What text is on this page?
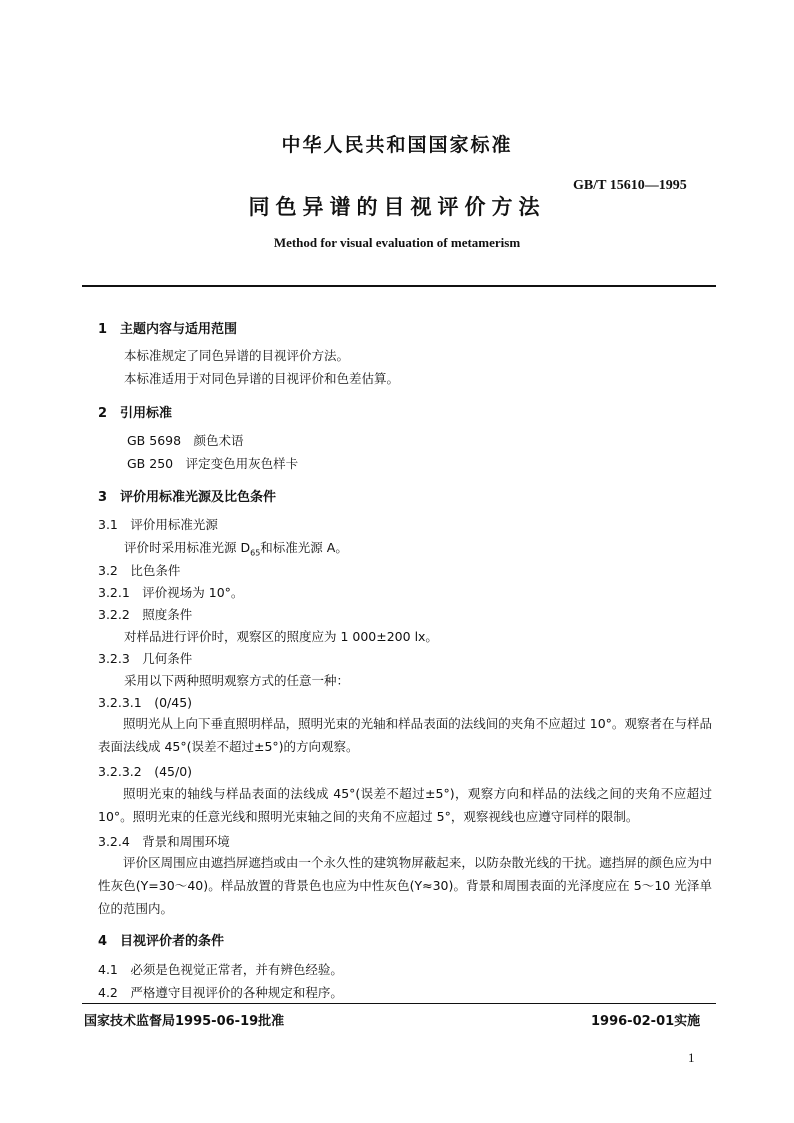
中华人民共和国国家标准
GB/T 15610—1995
同色异谱的目视评价方法
Method for visual evaluation of metamerism
1　主题内容与适用范围
本标准规定了同色异谱的目视评价方法。
本标准适用于对同色异谱的目视评价和色差估算。
2　引用标准
GB 5698　颜色术语
GB 250　评定变色用灰色样卡
3　评价用标准光源及比色条件
3.1　评价用标准光源
评价时采用标准光源 $D_{65}$和标准光源 A。
3.2　比色条件
3.2.1　评价视场为 10°。
3.2.2　照度条件
对样品进行评价时，观察区的照度应为 1 000±200 lx。
3.2.3　几何条件
采用以下两种照明观察方式的任意一种：
3.2.3.1　(0/45)
照明光从上向下垂直照明样品，照明光束的光轴和样品表面的法线间的夹角不应超过 10°。观察者在与样品表面法线成 45°(误差不超过±5°)的方向观察。
3.2.3.2　(45/0)
照明光束的轴线与样品表面的法线成 45°(误差不超过±5°)，观察方向和样品的法线之间的夹角不应超过 10°。照明光束的任意光线和照明光束轴之间的夹角不应超过 5°，观察视线也应遵守同样的限制。
3.2.4　背景和周围环境
评价区周围应由遮挡屏遮挡或由一个永久性的建筑物屏蔽起来，以防杂散光线的干扰。遮挡屏的颜色应为中性灰色(Y=30～40)。样品放置的背景色也应为中性灰色(Y≈30)。背景和周围表面的光泽度应在 5～10 光泽单位的范围内。
4　目视评价者的条件
4.1　必须是色视觉正常者，并有辨色经验。
4.2　严格遵守目视评价的各种规定和程序。
国家技术监督局1995-06-19批准	1996-02-01实施
1
